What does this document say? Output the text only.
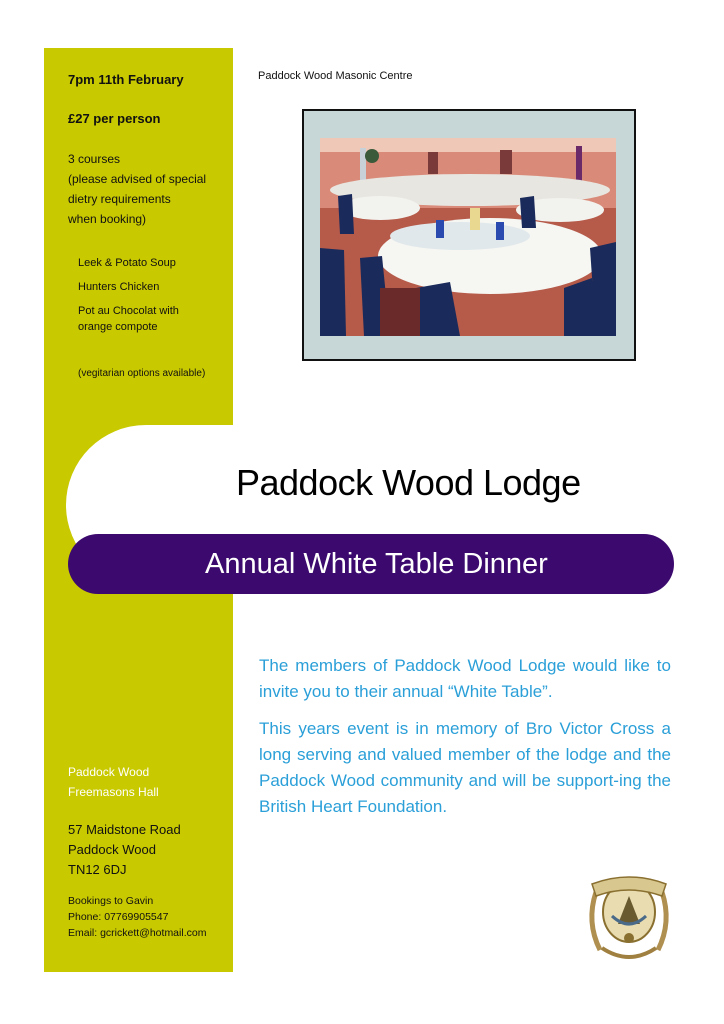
7pm 11th February
£27 per person
3 courses
(please advised of special
dietry requirements
when booking)
Leek & Potato Soup
Hunters Chicken
Pot au Chocolat with
orange compote
(vegitarian options available)
Paddock Wood
Freemasons Hall
57 Maidstone Road
Paddock Wood
TN12 6DJ
Bookings to Gavin
Phone: 07769905547
Email: gcrickett@hotmail.com
Paddock Wood Masonic Centre
Paddock Wood Lodge
Annual White Table Dinner
The members of Paddock Wood Lodge would like to invite you to their annual “White Table”.
This years event is in memory of Bro Victor Cross a long serving and valued member of the lodge and the Paddock Wood community and will be support-ing the British Heart Foundation.
